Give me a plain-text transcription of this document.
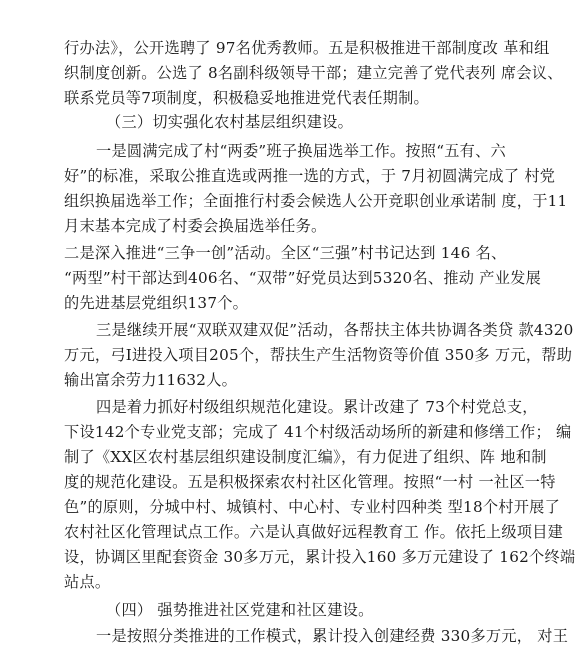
行办法》，公开选聘了 97名优秀教师。五是积极推进干部制度改 革和组
织制度创新。公选了 8名副科级领导干部；建立完善了党代表列 席会议、
联系党员等7项制度，积极稳妥地推进党代表任期制。
（三）切实强化农村基层组织建设。
一是圆满完成了村“两委”班子换届选举工作。按照“五有、六
好”的标准，采取公推直选或两推一选的方式，于 7月初圆满完成了 村党
组织换届选举工作；全面推行村委会候选人公开竞职创业承诺制 度，于11
月末基本完成了村委会换届选举任务。
二是深入推进“三争一创”活动。全区“三强”村书记达到 146 名、
“两型”村干部达到406名、“双带”好党员达到5320名、推动 产业发展
的先进基层党组织137个。
三是继续开展“双联双建双促”活动，各帮扶主体共协调各类贷 款4320
万元，弓I进投入项目205个，帮扶生产生活物资等价值 350多 万元，帮助
输出富余劳力11632人。
四是着力抓好村级组织规范化建设。累计改建了 73个村党总支，
下设142个专业党支部；完成了 41个村级活动场所的新建和修缮工作； 编
制了《XX区农村基层组织建设制度汇编》，有力促进了组织、阵 地和制
度的规范化建设。五是积极探索农村社区化管理。按照“一村 一社区一特
色”的原则，分城中村、城镇村、中心村、专业村四种类 型18个村开展了
农村社区化管理试点工作。六是认真做好远程教育工 作。依托上级项目建
设，协调区里配套资金 30多万元，累计投入160 多万元建设了 162个终端
站点。
（四） 强势推进社区党建和社区建设。
一是按照分类推进的工作模式，累计投入创建经费 330多万元， 对王
